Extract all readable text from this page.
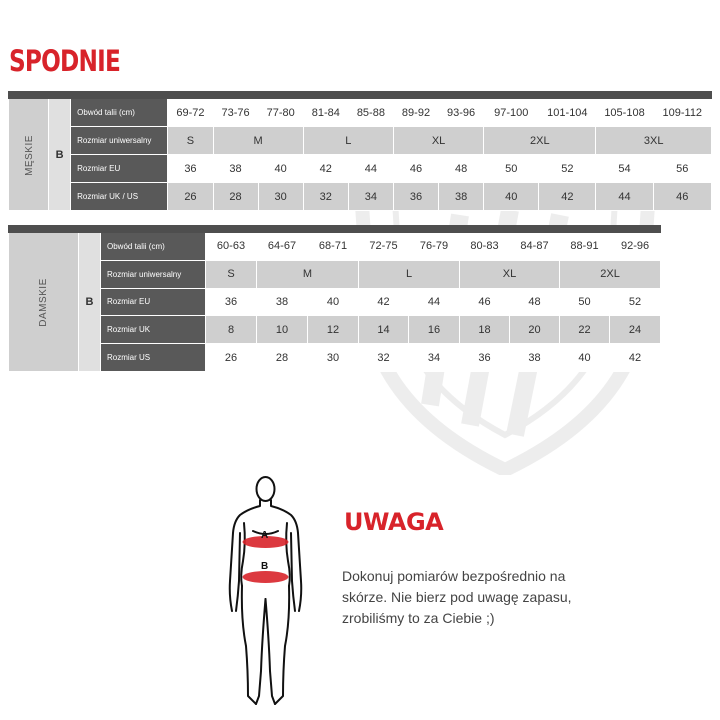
SPODNIE

MĘSKIE	B	Obwód talii (cm)	69-72	73-76	77-80	81-84	85-88	89-92	93-96	97-100	101-104	105-108	109-112
		Rozmiar uniwersalny	S	M		L		XL		2XL		3XL	
		Rozmiar EU	36	38	40	42	44	46	48	50	52	54	56
		Rozmiar UK / US	26	28	30	32	34	36	38	40	42	44	46

DAMSKIE	B	Obwód talii (cm)	60-63	64-67	68-71	72-75	76-79	80-83	84-87	88-91	92-96
		Rozmiar uniwersalny	S	M		L		XL		2XL	
		Rozmiar EU	36	38	40	42	44	46	48	50	52
		Rozmiar UK	8	10	12	14	16	18	20	22	24
		Rozmiar US	26	28	30	32	34	36	38	40	42
A
B
UWAGA

Dokonuj pomiarów bezpośrednio na skórze. Nie bierz pod uwagę zapasu, zrobiliśmy to za Ciebie ;)
